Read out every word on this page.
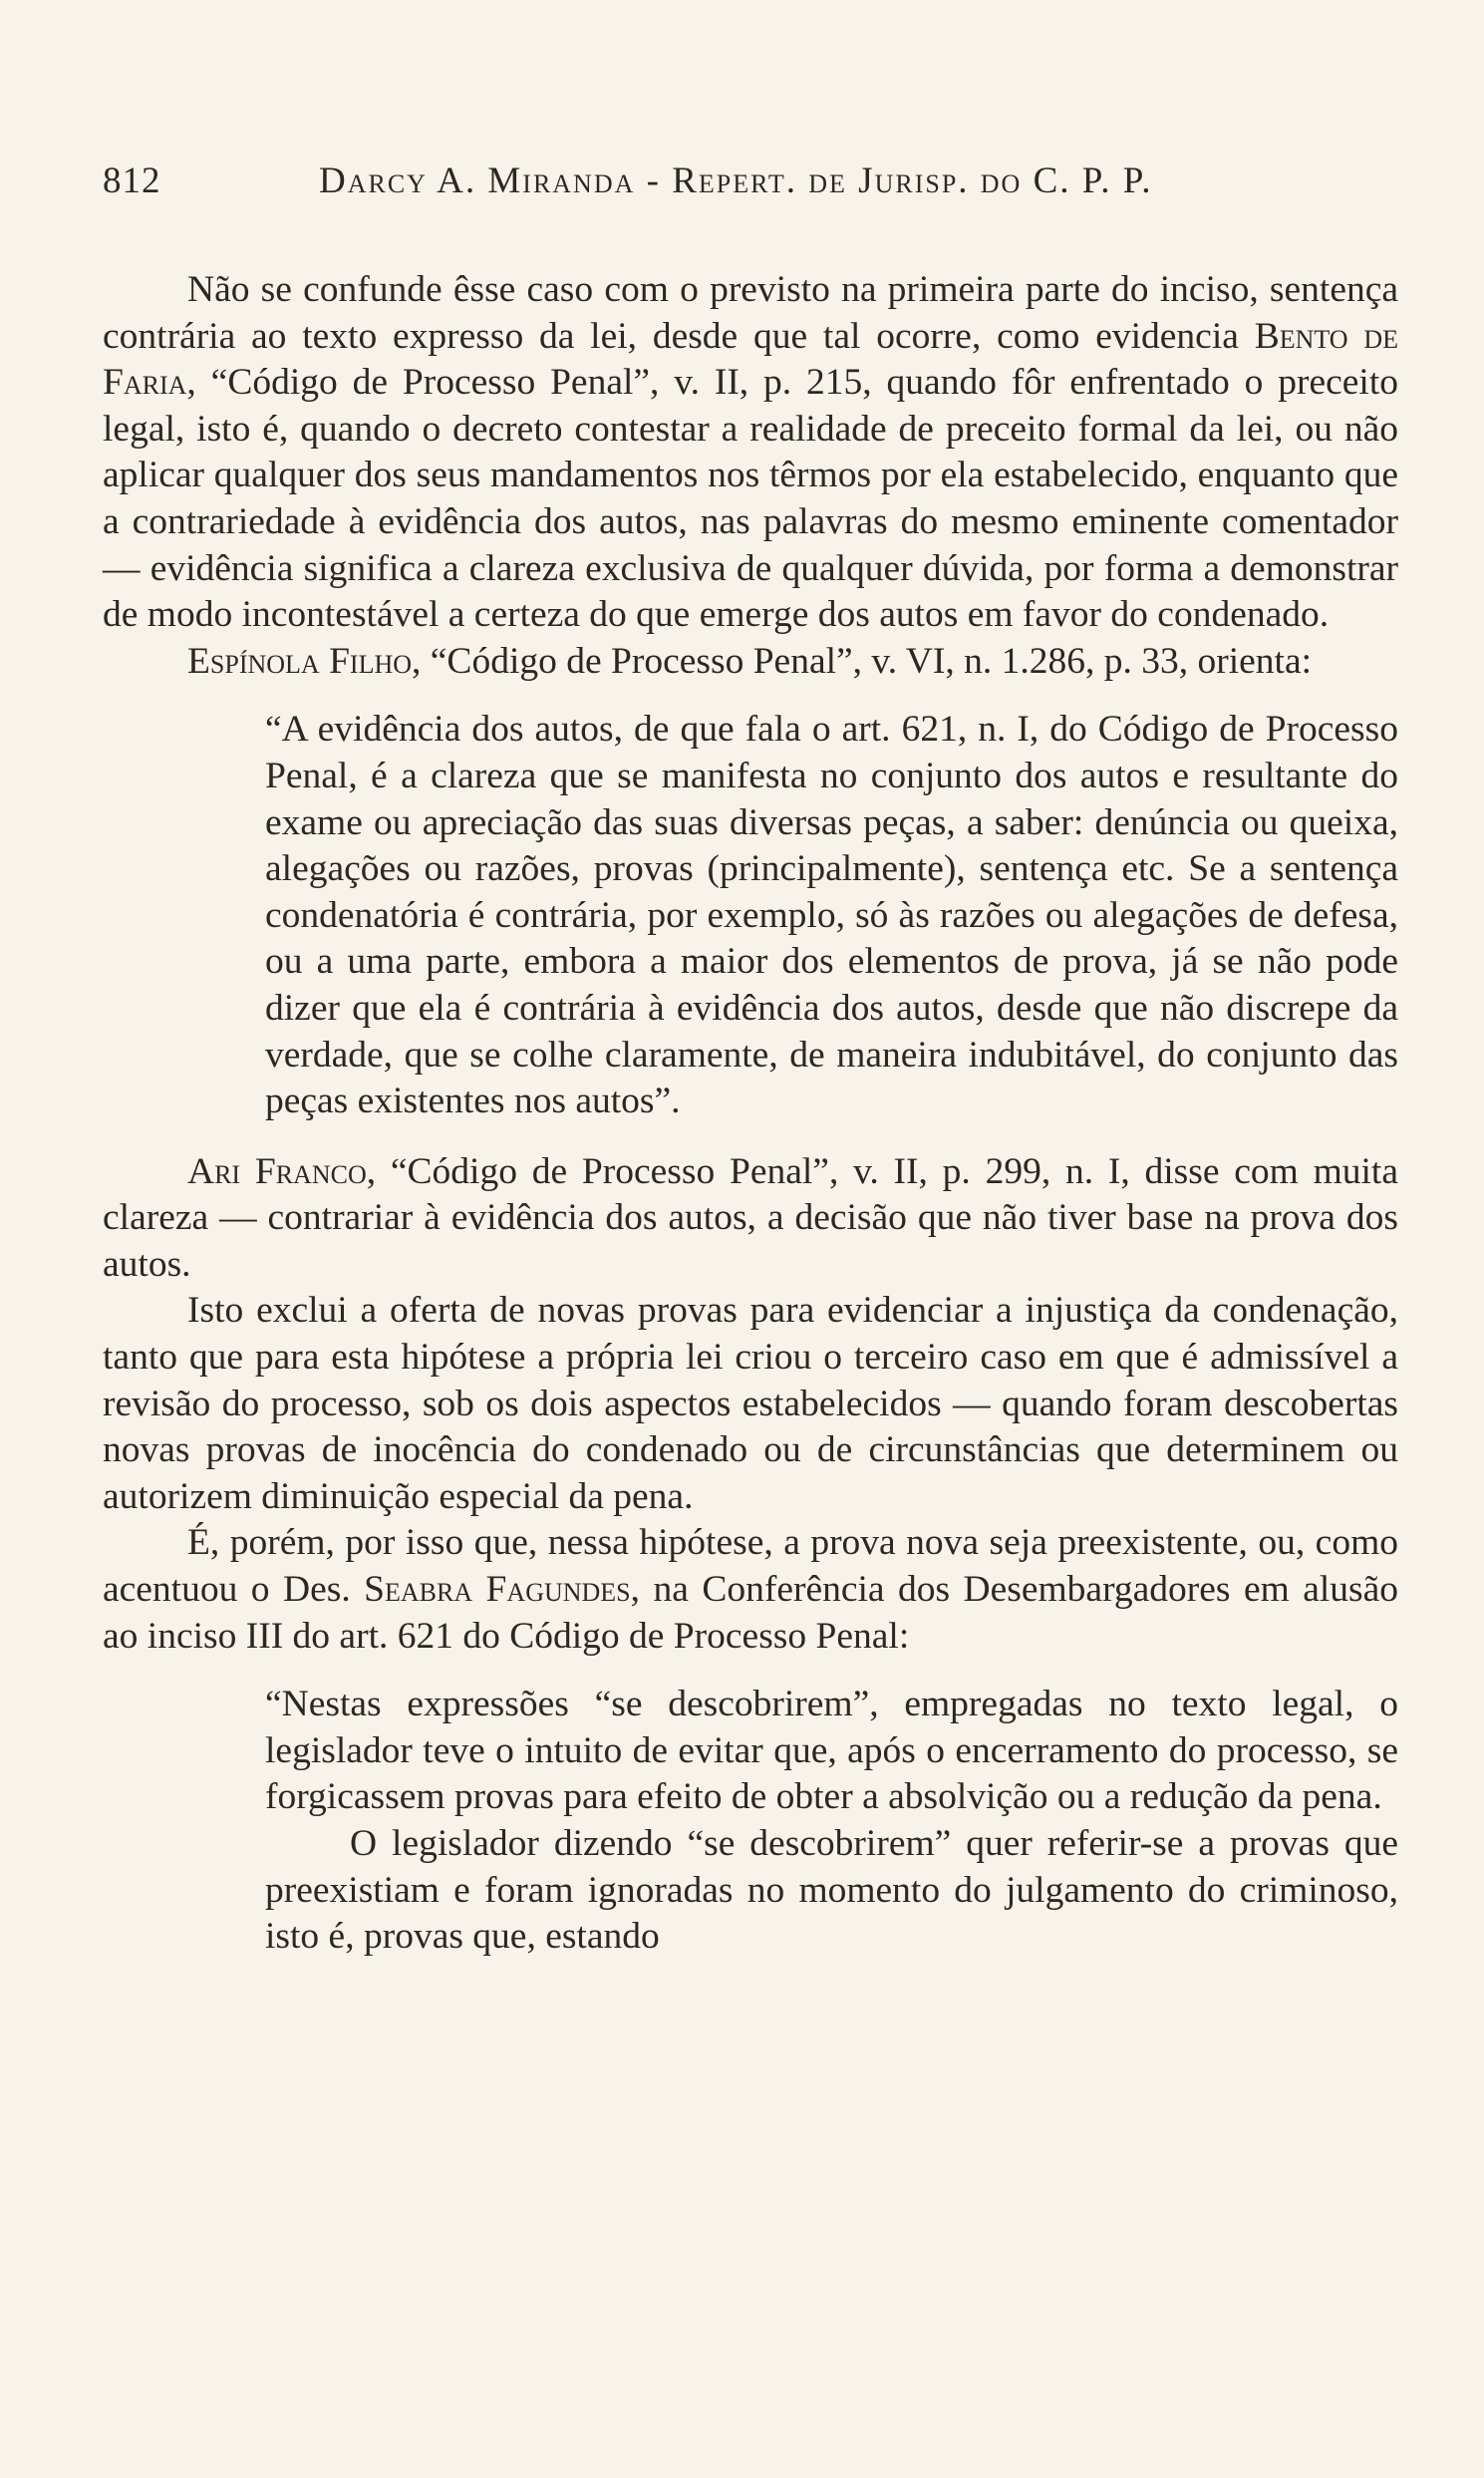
812	Darcy A. Miranda - Repert. de Jurisp. do C. P. P.

Não se confunde êsse caso com o previsto na primeira parte do inciso, sentença contrária ao texto expresso da lei, desde que tal ocorre, como evidencia Bento de Faria, “Código de Processo Penal”, v. II, p. 215, quando fôr enfrentado o preceito legal, isto é, quando o decreto contestar a realidade de preceito formal da lei, ou não aplicar qualquer dos seus mandamentos nos têrmos por ela estabelecido, enquanto que a contrariedade à evidência dos autos, nas palavras do mesmo eminente comentador — evidência significa a clareza exclusiva de qualquer dúvida, por forma a demonstrar de modo incontestável a certeza do que emerge dos autos em favor do condenado.

Espínola Filho, “Código de Processo Penal”, v. VI, n. 1.286, p. 33, orienta:

“A evidência dos autos, de que fala o art. 621, n. I, do Código de Processo Penal, é a clareza que se manifesta no conjunto dos autos e resultante do exame ou apreciação das suas diversas peças, a saber: denúncia ou queixa, alegações ou razões, provas (principalmente), sentença etc. Se a sentença condenatória é contrária, por exemplo, só às razões ou alegações de defesa, ou a uma parte, embora a maior dos elementos de prova, já se não pode dizer que ela é contrária à evidência dos autos, desde que não discrepe da verdade, que se colhe claramente, de maneira indubitável, do conjunto das peças existentes nos autos”.

Ari Franco, “Código de Processo Penal”, v. II, p. 299, n. I, disse com muita clareza — contrariar à evidência dos autos, a decisão que não tiver base na prova dos autos.

Isto exclui a oferta de novas provas para evidenciar a injustiça da condenação, tanto que para esta hipótese a própria lei criou o terceiro caso em que é admissível a revisão do processo, sob os dois aspectos estabelecidos — quando foram descobertas novas provas de inocência do condenado ou de circunstâncias que determinem ou autorizem diminuição especial da pena.

É, porém, por isso que, nessa hipótese, a prova nova seja preexistente, ou, como acentuou o Des. Seabra Fagundes, na Conferência dos Desembargadores em alusão ao inciso III do art. 621 do Código de Processo Penal:

“Nestas expressões “se descobrirem”, empregadas no texto legal, o legislador teve o intuito de evitar que, após o encerramento do processo, se forgicassem provas para efeito de obter a absolvição ou a redução da pena.

O legislador dizendo “se descobrirem” quer referir-se a provas que preexistiam e foram ignoradas no momento do julgamento do criminoso, isto é, provas que, estando
